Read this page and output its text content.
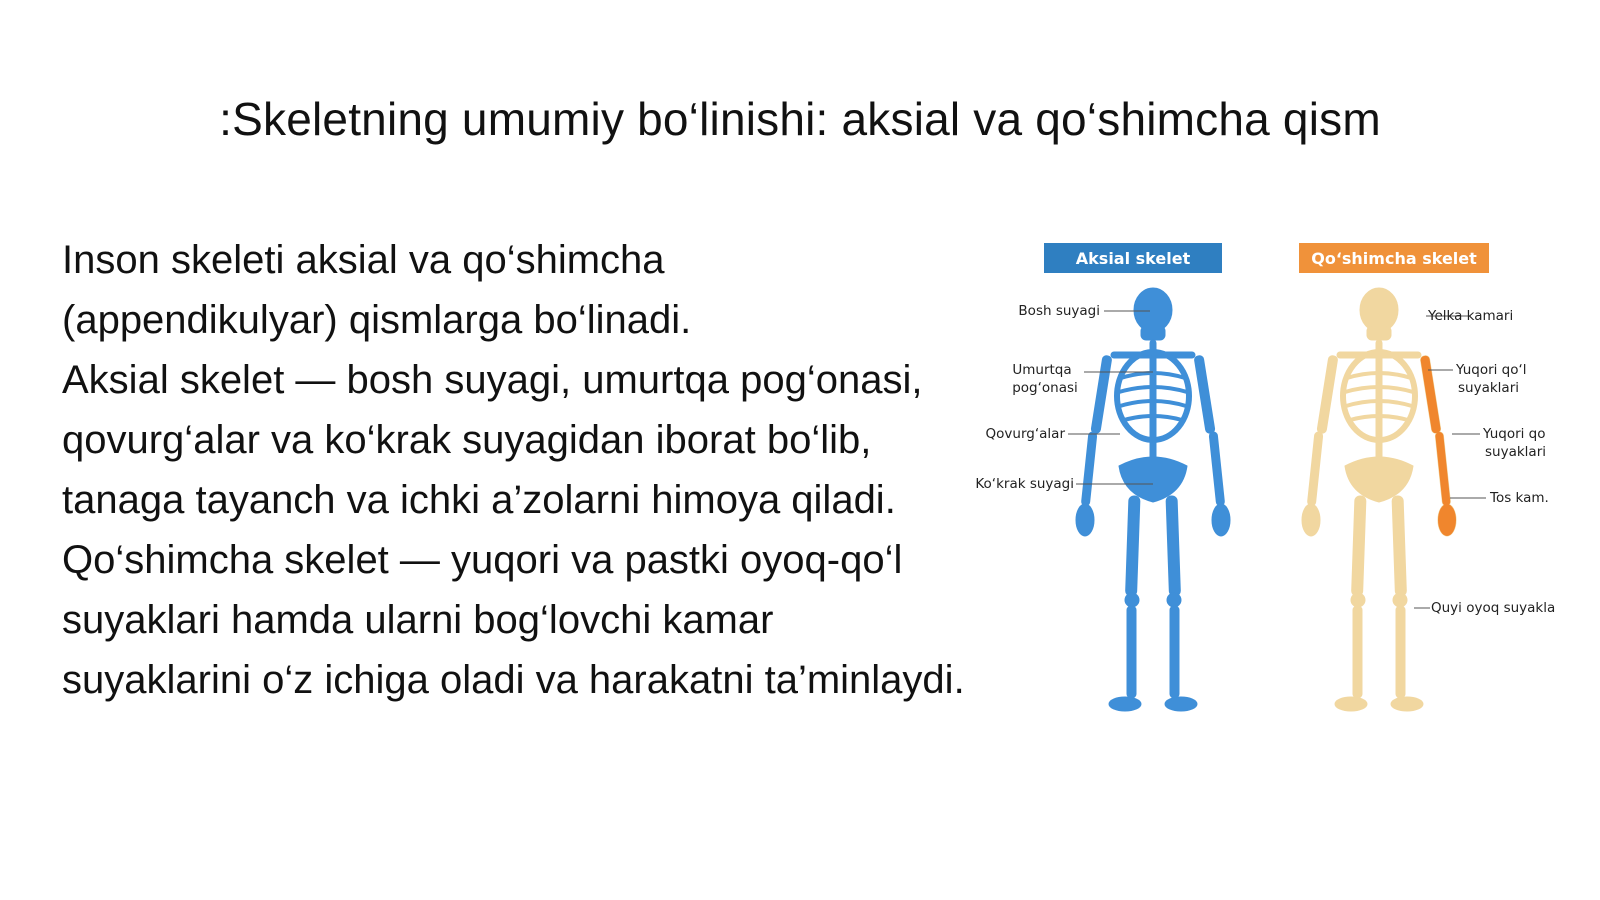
:Skeletning umumiy bo‘linishi: aksial va qo‘shimcha qism
Inson skeleti aksial va qo‘shimcha
(appendikulyar) qismlarga bo‘linadi.
Aksial skelet — bosh suyagi, umurtqa pog‘onasi,
qovurg‘alar va ko‘krak suyagidan iborat bo‘lib,
tanaga tayanch va ichki a’zolarni himoya qiladi.
Qo‘shimcha skelet — yuqori va pastki oyoq-qo‘l
suyaklari hamda ularni bog‘lovchi kamar
suyaklarini o‘z ichiga oladi va harakatni ta’minlaydi.
Aksial skelet	Qo‘shimcha skelet
Bosh suyagi
Umurtqa
pog‘onasi
Qovurg‘alar
Ko‘krak suyagi
Yelka kamari
Yuqori qo‘l
suyaklari
Yuqori qo
suyaklari
Tos kam.
Quyi oyoq suyakla
